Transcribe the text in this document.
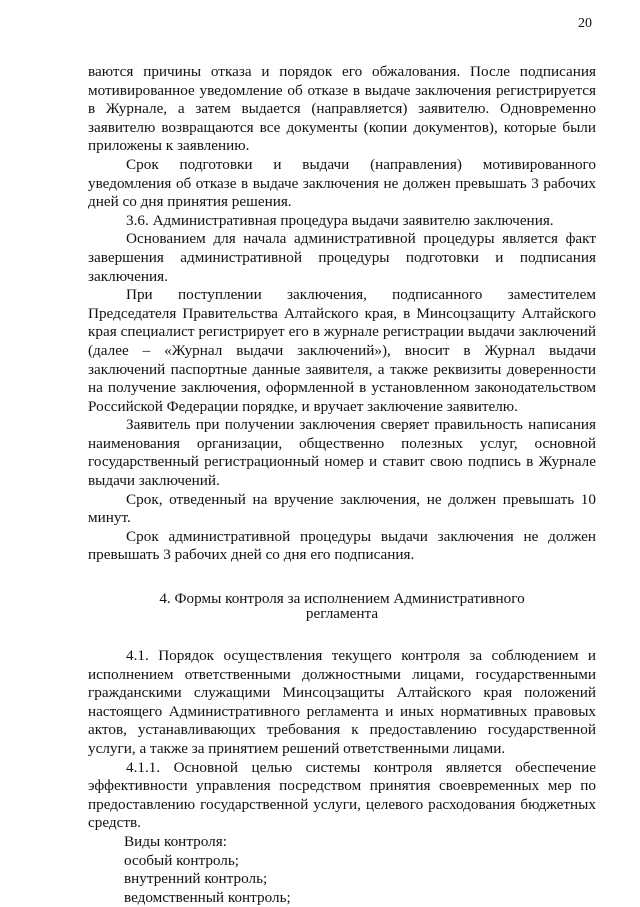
20

ваются причины отказа и порядок его обжалования. После подписания мотивированное уведомление об отказе в выдаче заключения регистрируется в Журнале, а затем выдается (направляется) заявителю. Одновременно заявителю возвращаются все документы (копии документов), которые были приложены к заявлению.

Срок подготовки и выдачи (направления) мотивированного уведомления об отказе в выдаче заключения не должен превышать 3 рабочих дней со дня принятия решения.

3.6. Административная процедура выдачи заявителю заключения.

Основанием для начала административной процедуры является факт завершения административной процедуры подготовки и подписания заключения.

При поступлении заключения, подписанного заместителем Председателя Правительства Алтайского края, в Минсоцзащиту Алтайского края специалист регистрирует его в журнале регистрации выдачи заключений (далее – «Журнал выдачи заключений»), вносит в Журнал выдачи заключений паспортные данные заявителя, а также реквизиты доверенности на получение заключения, оформленной в установленном законодательством Российской Федерации порядке, и вручает заключение заявителю.

Заявитель при получении заключения сверяет правильность написания наименования организации, общественно полезных услуг, основной государственный регистрационный номер и ставит свою подпись в Журнале выдачи заключений.

Срок, отведенный на вручение заключения, не должен превышать 10 минут.

Срок административной процедуры выдачи заключения не должен превышать 3 рабочих дней со дня его подписания.

4. Формы контроля за исполнением Административного регламента

4.1. Порядок осуществления текущего контроля за соблюдением и исполнением ответственными должностными лицами, государственными гражданскими служащими Минсоцзащиты Алтайского края положений настоящего Административного регламента и иных нормативных правовых актов, устанавливающих требования к предоставлению государственной услуги, а также за принятием решений ответственными лицами.

4.1.1. Основной целью системы контроля является обеспечение эффективности управления посредством принятия своевременных мер по предоставлению государственной услуги, целевого расходования бюджетных средств.

Виды контроля:
особый контроль;
внутренний контроль;
ведомственный контроль;
